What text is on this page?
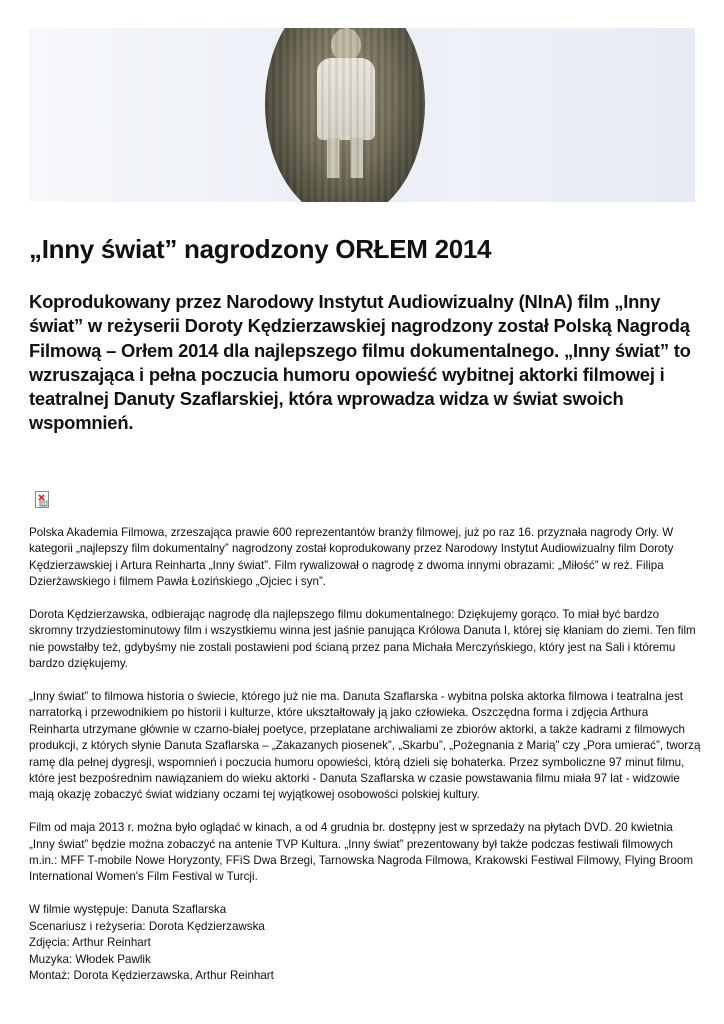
„Inny świat” nagrodzony ORŁEM 2014

Koprodukowany przez Narodowy Instytut Audiowizualny (NInA) film „Inny świat” w reżyserii Doroty Kędzierzawskiej nagrodzony został Polską Nagrodą Filmową – Orłem 2014 dla najlepszego filmu dokumentalnego. „Inny świat” to wzruszająca i pełna poczucia humoru opowieść wybitnej aktorki filmowej i teatralnej Danuty Szaflarskiej, która wprowadza widza w świat swoich wspomnień.

01

Polska Akademia Filmowa, zrzeszająca prawie 600 reprezentantów branży filmowej, już po raz 16. przyznała nagrody Orły. W kategorii „najlepszy film dokumentalny” nagrodzony został koprodukowany przez Narodowy Instytut Audiowizualny film Doroty Kędzierzawskiej i Artura Reinharta „Inny świat”. Film rywalizował o nagrodę z dwoma innymi obrazami: „Miłość” w reż. Filipa Dzierżawskiego i filmem Pawła Łozińskiego „Ojciec i syn”.

Dorota Kędzierzawska, odbierając nagrodę dla najlepszego filmu dokumentalnego: Dziękujemy gorąco. To miał być bardzo skromny trzydziestominutowy film i wszystkiemu winna jest jaśnie panująca Królowa Danuta I, której się kłaniam do ziemi. Ten film nie powstałby też, gdybyśmy nie zostali postawieni pod ścianą przez pana Michała Merczyńskiego, który jest na Sali i któremu bardzo dziękujemy.

„Inny świat” to filmowa historia o świecie, którego już nie ma. Danuta Szaflarska - wybitna polska aktorka filmowa i teatralna jest narratorką i przewodnikiem po historii i kulturze, które ukształtowały ją jako człowieka. Oszczędna forma i zdjęcia Arthura Reinharta utrzymane głównie w czarno-białej poetyce, przeplatane archiwaliami ze zbiorów aktorki, a także kadrami z filmowych produkcji, z których słynie Danuta Szaflarska – „Zakazanych piosenek”, „Skarbu”, „Pożegnania z Marią” czy „Pora umierać”, tworzą ramę dla pełnej dygresji, wspomnień i poczucia humoru opowieści, którą dzieli się bohaterka. Przez symboliczne 97 minut filmu, które jest bezpośrednim nawiązaniem do wieku aktorki - Danuta Szaflarska w czasie powstawania filmu miała 97 lat - widzowie mają okazję zobaczyć świat widziany oczami tej wyjątkowej osobowości polskiej kultury.

Film od maja 2013 r. można było oglądać w kinach, a od 4 grudnia br. dostępny jest w sprzedaży na płytach DVD. 20 kwietnia „Inny świat” będzie można zobaczyć na antenie TVP Kultura. „Inny świat” prezentowany był także podczas festiwali filmowych m.in.: MFF T-mobile Nowe Horyzonty, FFiS Dwa Brzegi, Tarnowska Nagroda Filmowa, Krakowski Festiwal Filmowy, Flying Broom International Women's Film Festival w Turcji.

W filmie występuje: Danuta Szaflarska

Scenariusz i reżyseria: Dorota Kędzierzawska

Zdjęcia: Arthur Reinhart

Muzyka: Włodek Pawlik

Montaż: Dorota Kędzierzawska, Arthur Reinhart
